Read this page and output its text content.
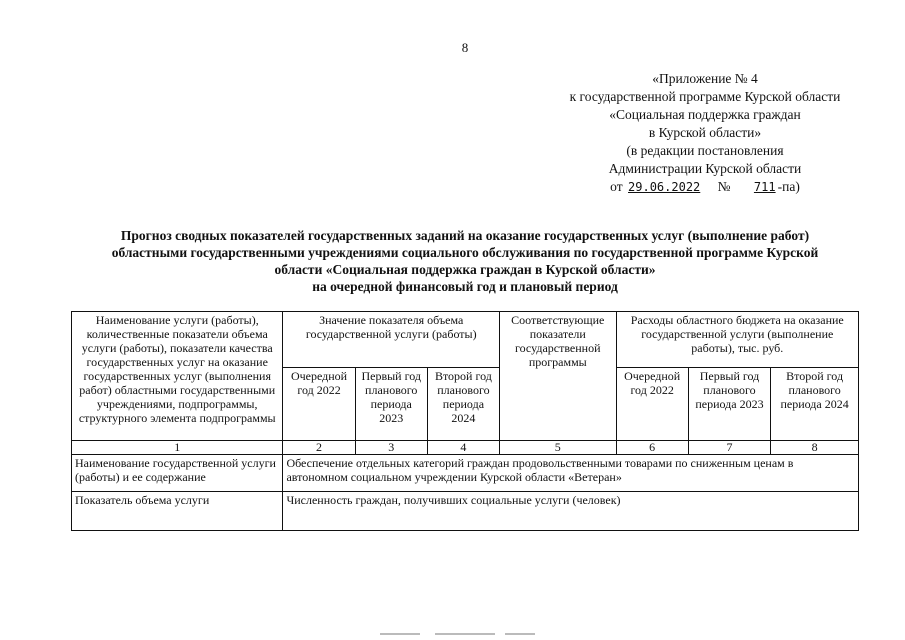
8
«Приложение № 4
к государственной программе Курской области
«Социальная поддержка граждан
в Курской области»
(в редакции постановления
Администрации Курской области
от 29.06.2022 № 711 -па)
Прогноз сводных показателей государственных заданий на оказание государственных услуг (выполнение работ)
областными государственными учреждениями социального обслуживания по государственной программе Курской
области «Социальная поддержка граждан в Курской области»
на очередной финансовый год и плановый период
Наименование услуги (работы), количественные показатели объема услуги (работы), показатели качества государственных услуг на оказание государственных услуг (выполнения работ) областными государственными учреждениями, подпрограммы, структурного элемента подпрограммы	Значение показателя объема государственной услуги (работы)			Соответствующие показатели государственной программы	Расходы областного бюджета на оказание государственной услуги (выполнение работы), тыс. руб.		
	Очередной год 2022	Первый год планового периода 2023	Второй год планового периода 2024		Очередной год 2022	Первый год планового периода 2023	Второй год планового периода 2024
1	2	3	4	5	6	7	8
Наименование государственной услуги (работы) и ее содержание	Обеспечение отдельных категорий граждан продовольственными товарами по сниженным ценам в автономном социальном учреждении Курской области «Ветеран»						
Показатель объема услуги	Численность граждан, получивших социальные услуги (человек)						
